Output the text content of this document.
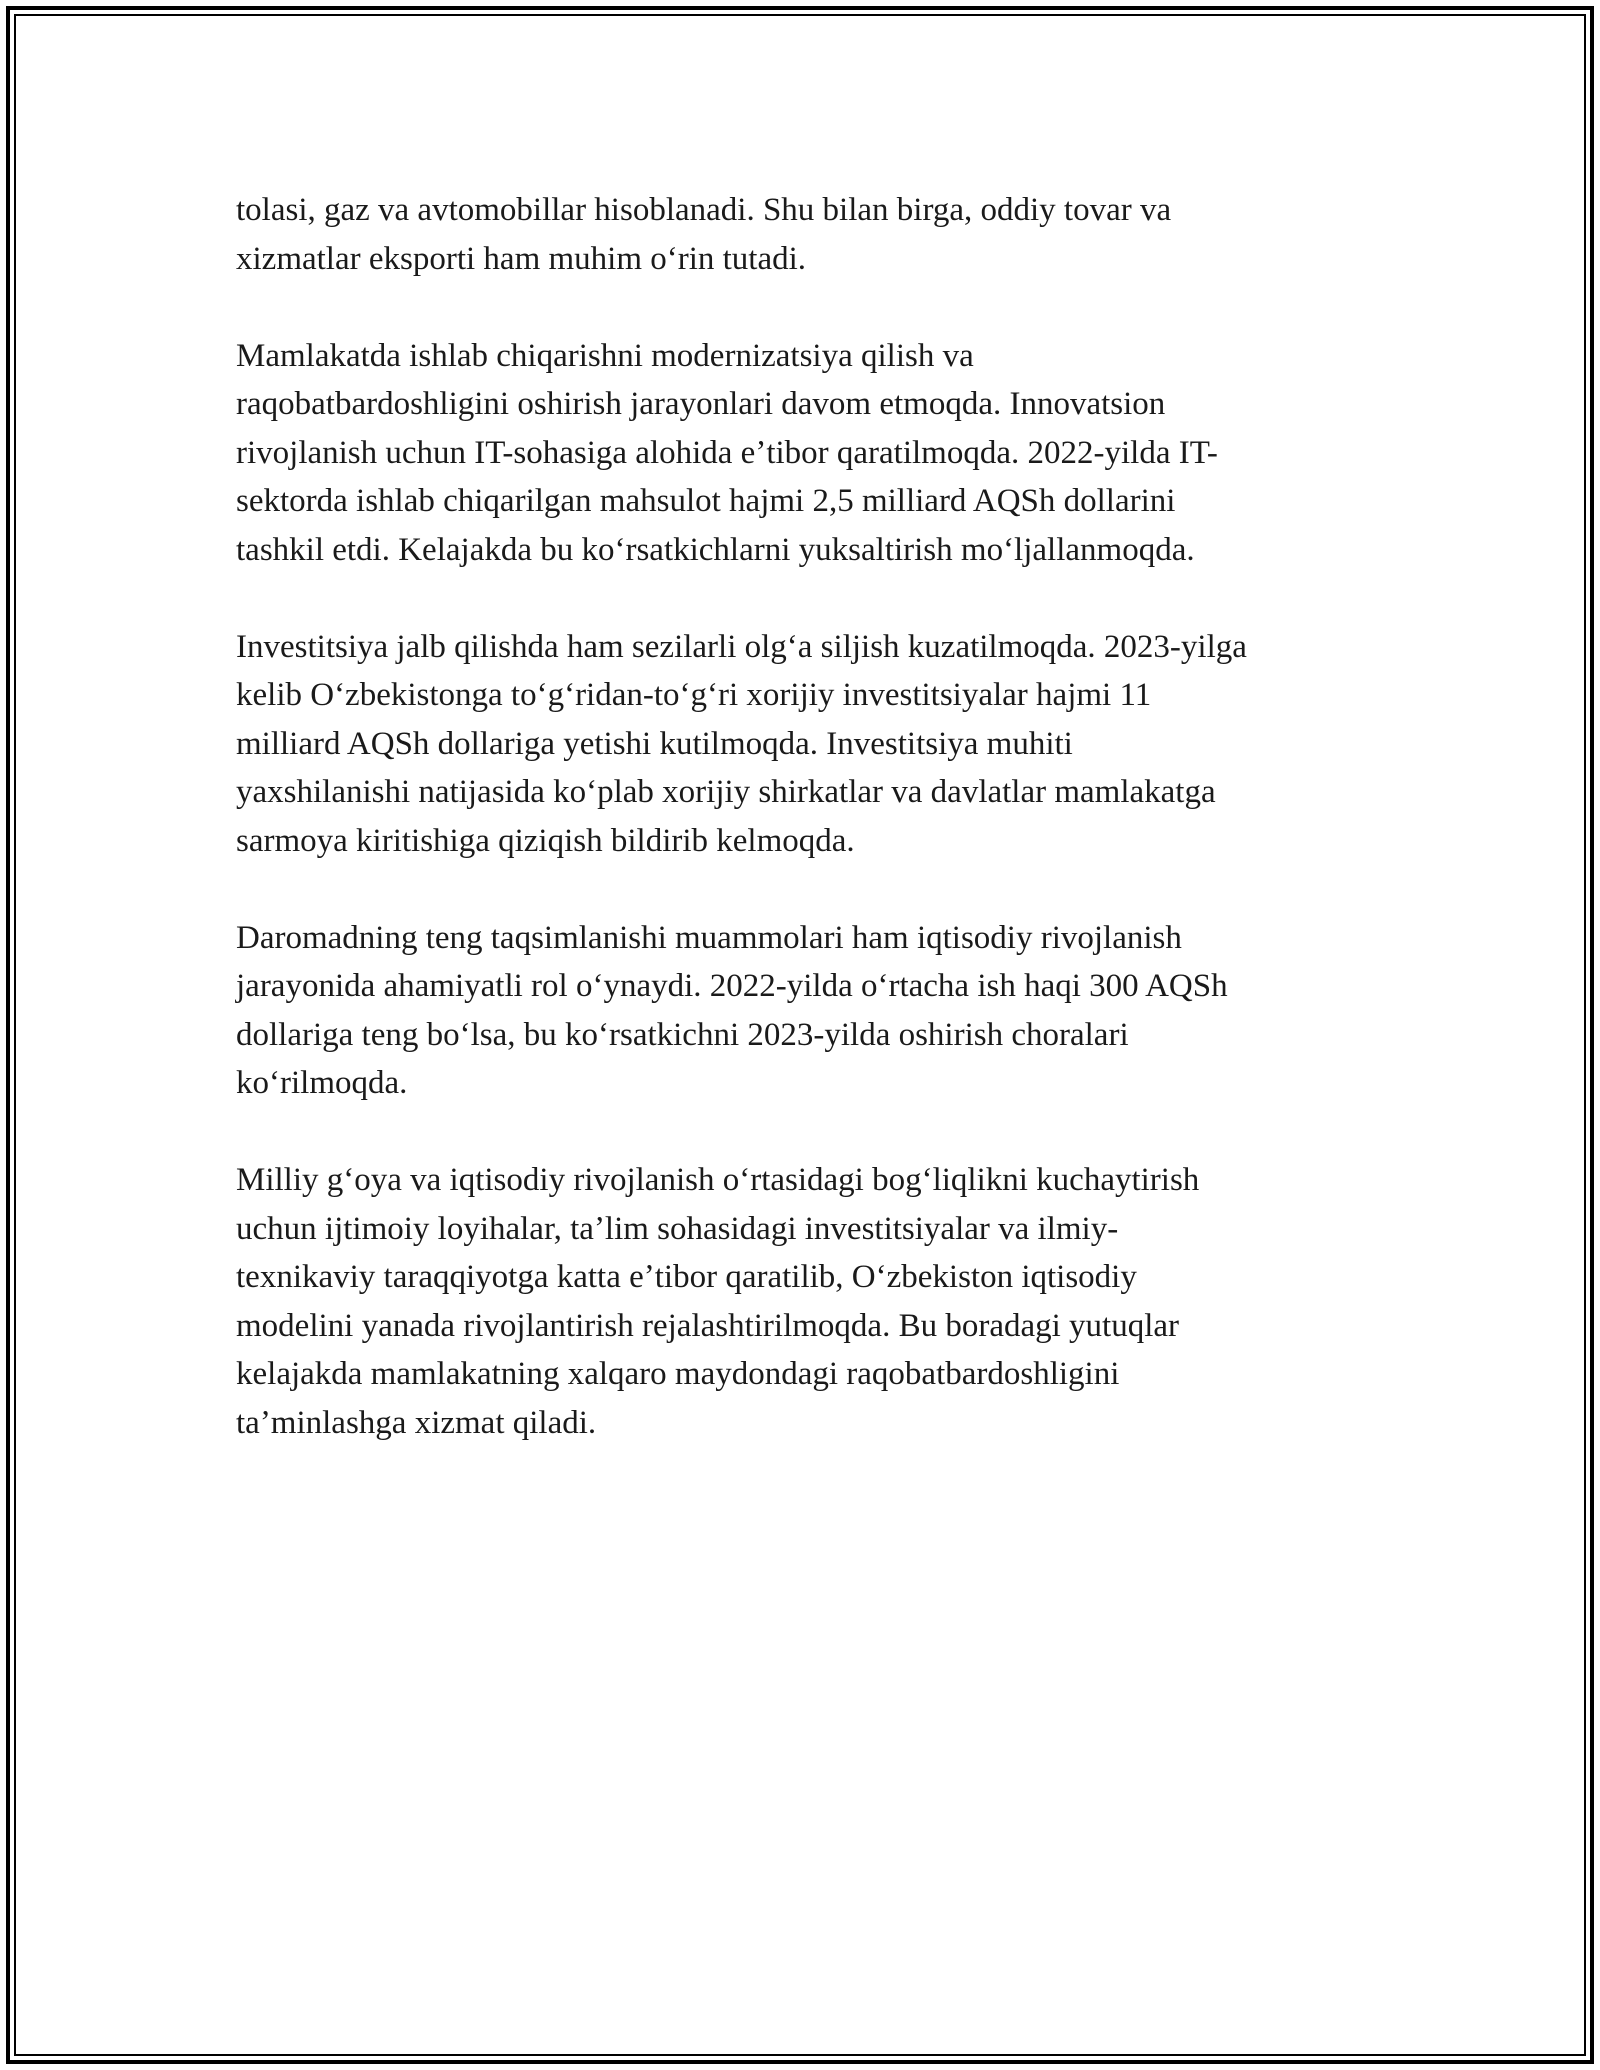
tolasi, gaz va avtomobillar hisoblanadi. Shu bilan birga, oddiy tovar va
xizmatlar eksporti ham muhim oʻrin tutadi.

Mamlakatda ishlab chiqarishni modernizatsiya qilish va
raqobatbardoshligini oshirish jarayonlari davom etmoqda. Innovatsion
rivojlanish uchun IT-sohasiga alohida eʼtibor qaratilmoqda. 2022-yilda IT-
sektorda ishlab chiqarilgan mahsulot hajmi 2,5 milliard AQSh dollarini
tashkil etdi. Kelajakda bu koʻrsatkichlarni yuksaltirish moʻljallanmoqda.

Investitsiya jalb qilishda ham sezilarli olgʻa siljish kuzatilmoqda. 2023-yilga
kelib Oʻzbekistonga toʻgʻridan-toʻgʻri xorijiy investitsiyalar hajmi 11
milliard AQSh dollariga yetishi kutilmoqda. Investitsiya muhiti
yaxshilanishi natijasida koʻplab xorijiy shirkatlar va davlatlar mamlakatga
sarmoya kiritishiga qiziqish bildirib kelmoqda.

Daromadning teng taqsimlanishi muammolari ham iqtisodiy rivojlanish
jarayonida ahamiyatli rol oʻynaydi. 2022-yilda oʻrtacha ish haqi 300 AQSh
dollariga teng boʻlsa, bu koʻrsatkichni 2023-yilda oshirish choralari
koʻrilmoqda.

Milliy gʻoya va iqtisodiy rivojlanish oʻrtasidagi bogʻliqlikni kuchaytirish
uchun ijtimoiy loyihalar, taʼlim sohasidagi investitsiyalar va ilmiy-
texnikaviy taraqqiyotga katta eʼtibor qaratilib, Oʻzbekiston iqtisodiy
modelini yanada rivojlantirish rejalashtirilmoqda. Bu boradagi yutuqlar
kelajakda mamlakatning xalqaro maydondagi raqobatbardoshligini
taʼminlashga xizmat qiladi.
